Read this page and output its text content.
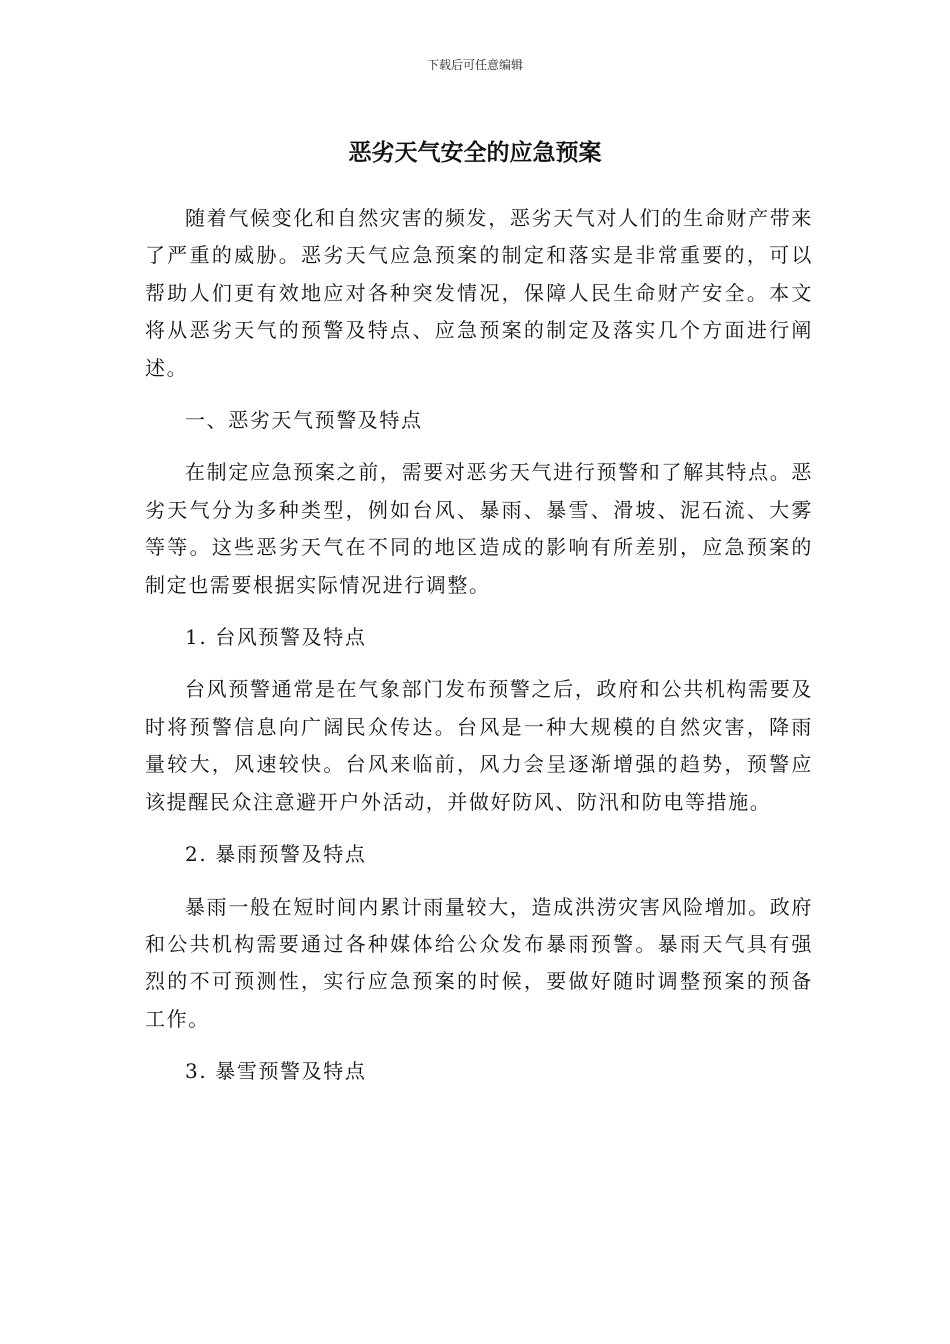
下载后可任意编辑
恶劣天气安全的应急预案

随着气候变化和自然灾害的频发，恶劣天气对人们的生命财产带来了严重的威胁。恶劣天气应急预案的制定和落实是非常重要的，可以帮助人们更有效地应对各种突发情况，保障人民生命财产安全。本文将从恶劣天气的预警及特点、应急预案的制定及落实几个方面进行阐述。

一、恶劣天气预警及特点

在制定应急预案之前，需要对恶劣天气进行预警和了解其特点。恶劣天气分为多种类型，例如台风、暴雨、暴雪、滑坡、泥石流、大雾等等。这些恶劣天气在不同的地区造成的影响有所差别，应急预案的制定也需要根据实际情况进行调整。

1. 台风预警及特点

台风预警通常是在气象部门发布预警之后，政府和公共机构需要及时将预警信息向广阔民众传达。台风是一种大规模的自然灾害，降雨量较大，风速较快。台风来临前，风力会呈逐渐增强的趋势，预警应该提醒民众注意避开户外活动，并做好防风、防汛和防电等措施。

2. 暴雨预警及特点

暴雨一般在短时间内累计雨量较大，造成洪涝灾害风险增加。政府和公共机构需要通过各种媒体给公众发布暴雨预警。暴雨天气具有强烈的不可预测性，实行应急预案的时候，要做好随时调整预案的预备工作。

3. 暴雪预警及特点
